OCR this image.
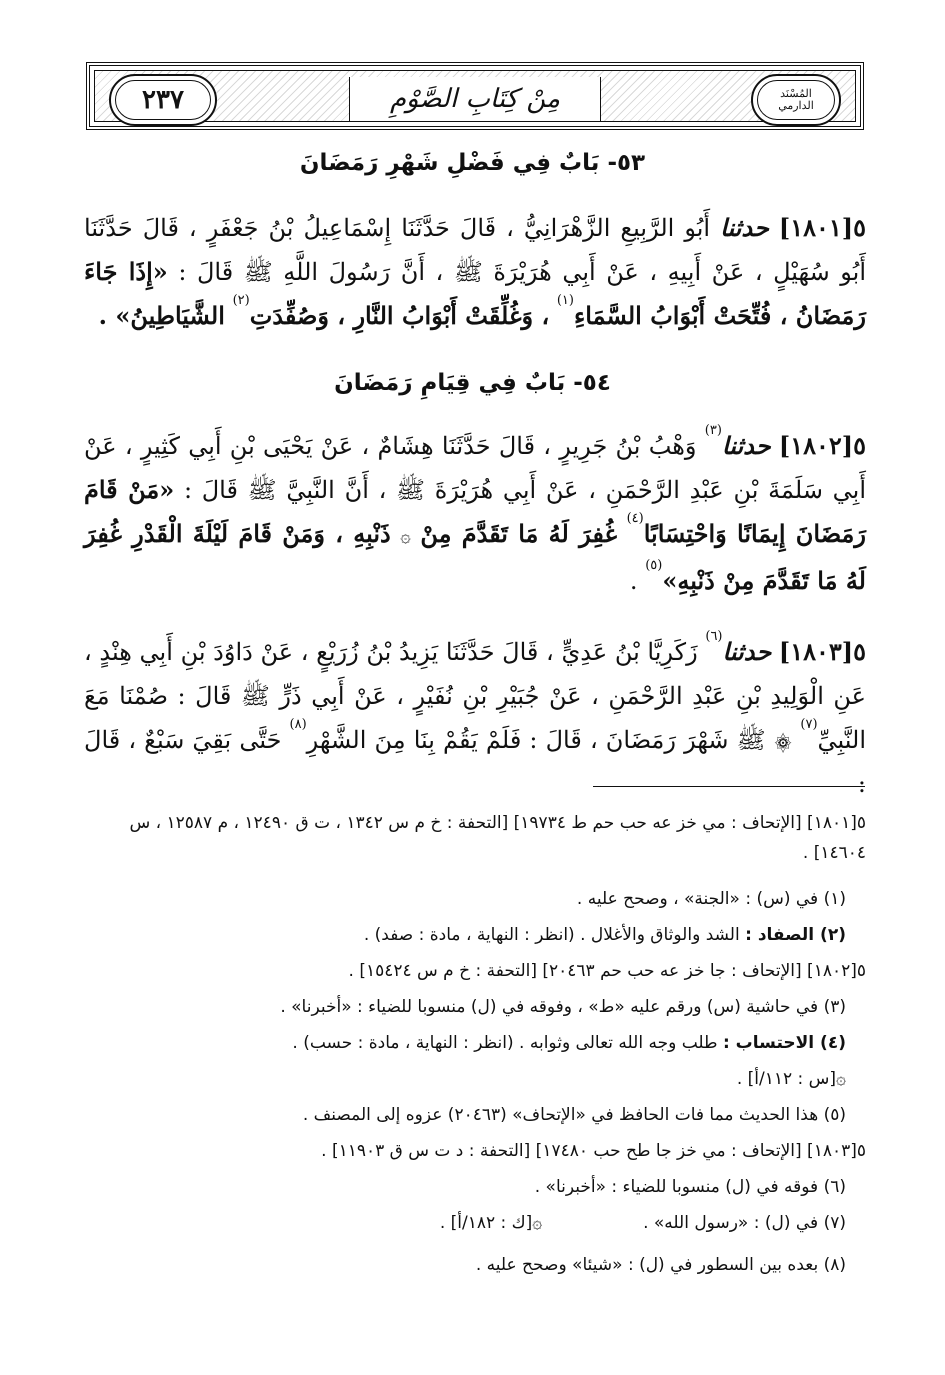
٢٣٧	مِنْ كِتَابِ الصَّوْمِ	المُسْنَد
الدارمي
٥٣- بَابٌ فِي فَضْلِ شَهْرِ رَمَضَانَ
٥[١٨٠١] حدثنا أَبُو الرَّبِيعِ الزَّهْرَانِيُّ ، قَالَ حَدَّثَنَا إِسْمَاعِيلُ بْنُ جَعْفَرٍ ، قَالَ حَدَّثَنَا أَبُو سُهَيْلٍ ، عَنْ أَبِيهِ ، عَنْ أَبِي هُرَيْرَةَ ﷺ ، أَنَّ رَسُولَ اللَّهِ ﷺ قَالَ : «إِذَا جَاءَ رَمَضَانُ ، فُتِّحَتْ أَبْوَابُ السَّمَاءِ$^{(١)}$ ، وَغُلِّقَتْ أَبْوَابُ النَّارِ ، وَصُفِّدَتِ$^{(٢)}$ الشَّيَاطِينُ» .
٥٤- بَابٌ فِي قِيَامِ رَمَضَانَ
٥[١٨٠٢] حدثنا$^{(٣)}$ وَهْبُ بْنُ جَرِيرٍ ، قَالَ حَدَّثَنَا هِشَامٌ ، عَنْ يَحْيَى بْنِ أَبِي كَثِيرٍ ، عَنْ أَبِي سَلَمَةَ بْنِ عَبْدِ الرَّحْمَنِ ، عَنْ أَبِي هُرَيْرَةَ ﷺ ، أَنَّ النَّبِيَّ ﷺ قَالَ : «مَنْ قَامَ رَمَضَانَ إِيمَانًا وَاحْتِسَابًا$^{(٤)}$ غُفِرَ لَهُ مَا تَقَدَّمَ مِنْ ۞ ذَنْبِهِ ، وَمَنْ قَامَ لَيْلَةَ الْقَدْرِ غُفِرَ لَهُ مَا تَقَدَّمَ مِنْ ذَنْبِهِ»$^{(٥)}$ .
٥[١٨٠٣] حدثنا$^{(٦)}$ زَكَرِيَّا بْنُ عَدِيٍّ ، قَالَ حَدَّثَنَا يَزِيدُ بْنُ زُرَيْعٍ ، عَنْ دَاوُدَ بْنِ أَبِي هِنْدٍ ، عَنِ الْوَلِيدِ بْنِ عَبْدِ الرَّحْمَنِ ، عَنْ جُبَيْرِ بْنِ نُفَيْرٍ ، عَنْ أَبِي ذَرٍّ ﷺ قَالَ : صُمْنَا مَعَ النَّبِيِّ$^{(٧)}$ ۞ ﷺ شَهْرَ رَمَضَانَ ، قَالَ : فَلَمْ يَقُمْ بِنَا مِنَ الشَّهْرِ$^{(٨)}$ حَتَّى بَقِيَ سَبْعٌ ، قَالَ :
٥[١٨٠١] [الإتحاف : مي خز عه حب حم ط ١٩٧٣٤] [التحفة : خ م س ١٣٤٢ ، ت ق ١٢٤٩٠ ، م ١٢٥٨٧ ، س ١٤٦٠٤] .
(١) في (س) : «الجنة» ، وصحح عليه .
(٢) الصفاد : الشد والوثاق والأغلال . (انظر : النهاية ، مادة : صفد) .
٥[١٨٠٢] [الإتحاف : جا خز عه حب حم ٢٠٤٦٣] [التحفة : خ م س ١٥٤٢٤] .
(٣) في حاشية (س) ورقم عليه «ط» ، وفوقه في (ل) منسوبا للضياء : «أخبرنا» .
(٤) الاحتساب : طلب وجه الله تعالى وثوابه . (انظر : النهاية ، مادة : حسب) .
۞[س : ١١٢/أ] .
(٥) هذا الحديث مما فات الحافظ في «الإتحاف» (٢٠٤٦٣) عزوه إلى المصنف .
٥[١٨٠٣] [الإتحاف : مي خز جا طح حب ١٧٤٨٠] [التحفة : د ت س ق ١١٩٠٣] .
(٦) فوقه في (ل) منسوبا للضياء : «أخبرنا» .
(٧) في (ل) : «رسول الله» .  ۞[ك : ١٨٢/أ] .
(٨) بعده بين السطور في (ل) : «شيئا» وصحح عليه .
